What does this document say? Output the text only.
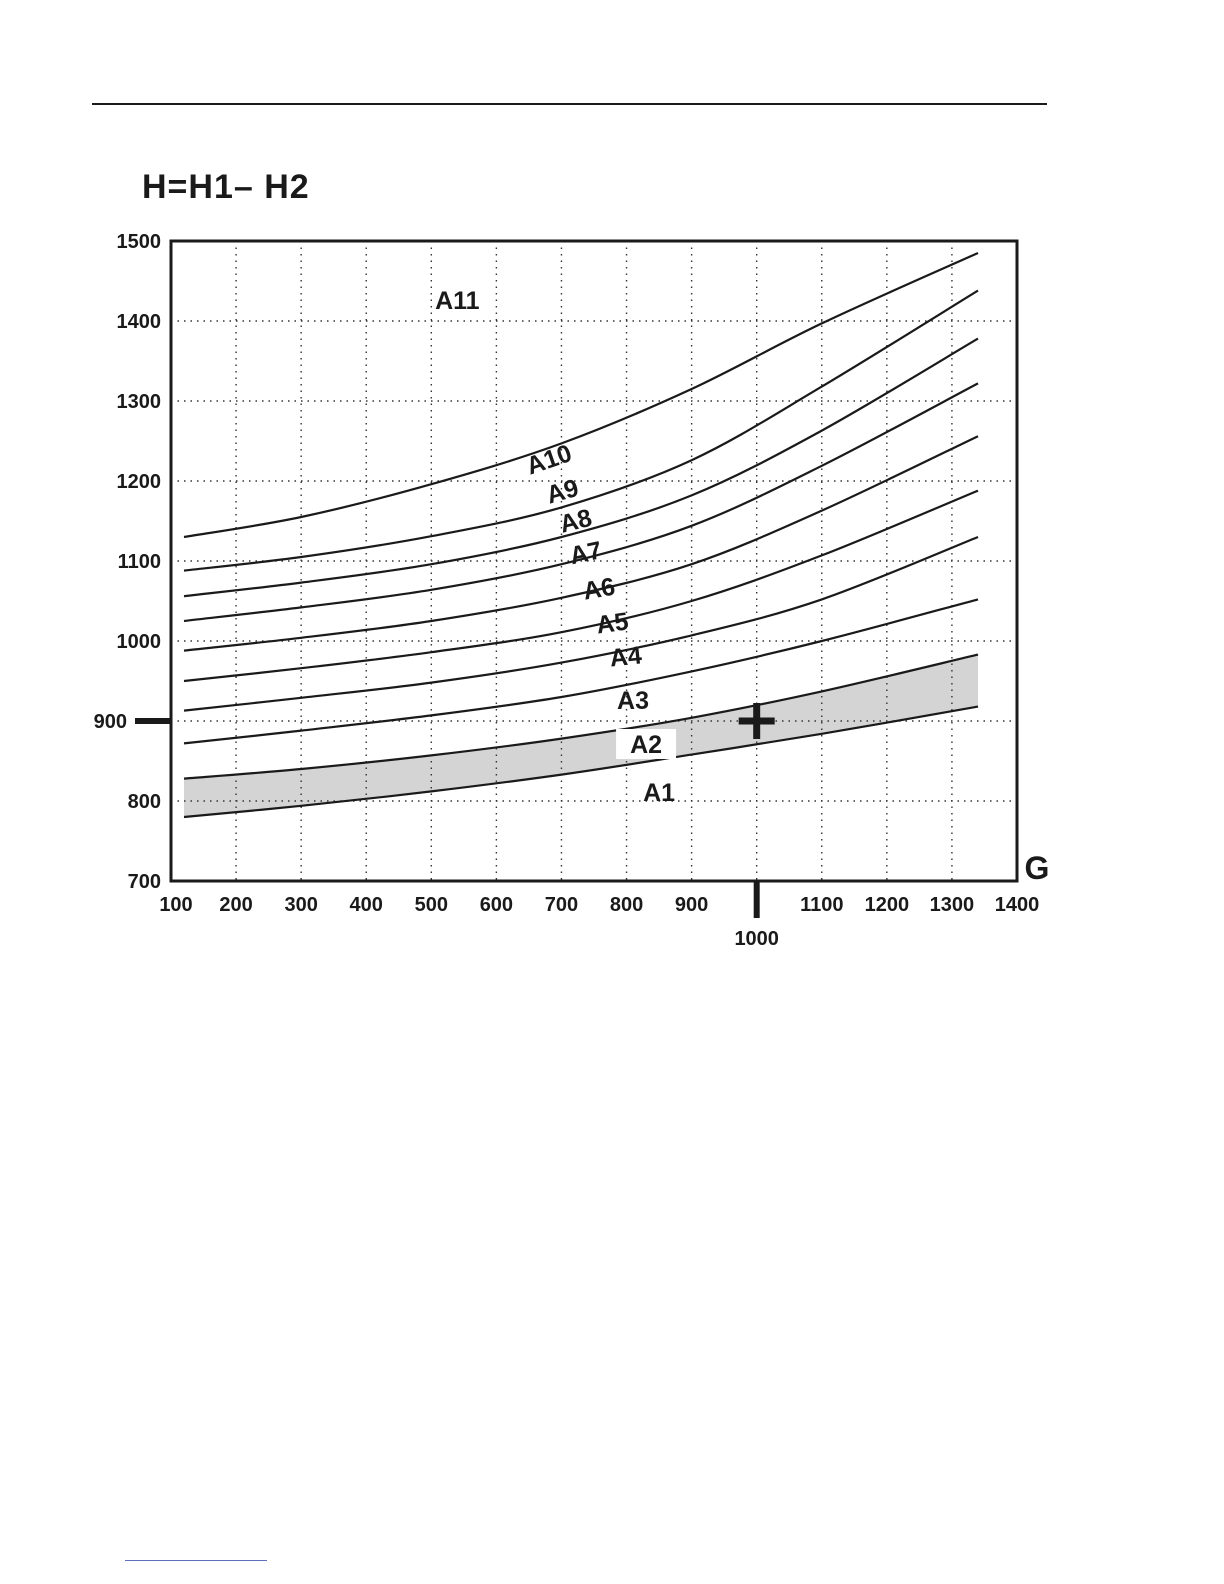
H=H1– H2
700
800
900
1000
1100
1200
1300
1400
1500
100 200 300 400 500 600 700 800 900
1000
1100 1200 1300 1400
G
A1
A2
A3
A4
A5
A6
A7
A8
A9
A10
A11
